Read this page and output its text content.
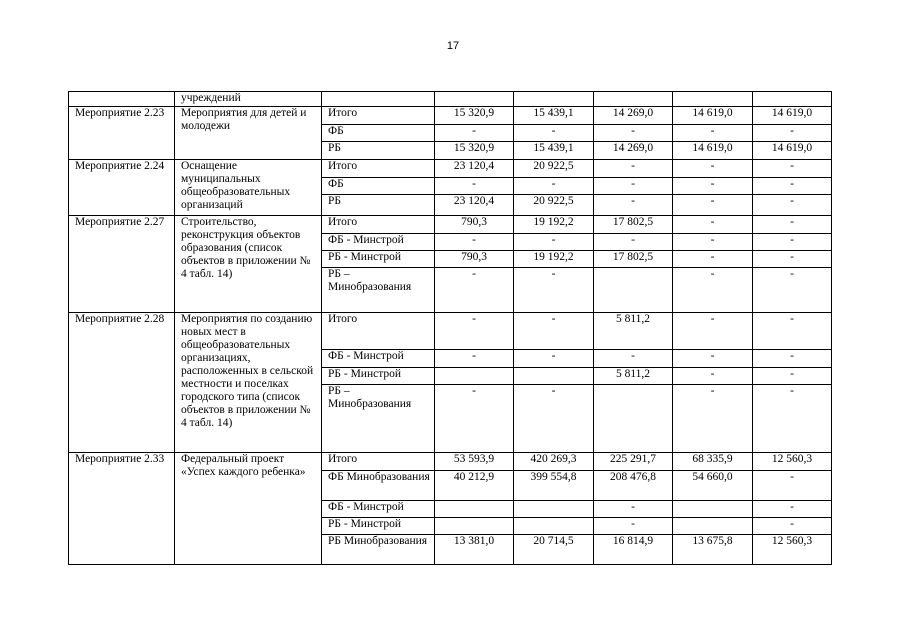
17
	учреждений						
Мероприятие 2.23	Мероприятия для детей и молодежи	Итого	15 320,9	15 439,1	14 269,0	14 619,0	14 619,0
		ФБ	-	-	-	-	-
		РБ	15 320,9	15 439,1	14 269,0	14 619,0	14 619,0
Мероприятие 2.24	Оснащение муниципальных общеобразовательных организаций	Итого	23 120,4	20 922,5	-	-	-
		ФБ	-	-	-	-	-
		РБ	23 120,4	20 922,5	-	-	-
Мероприятие 2.27	Строительство, реконструкция объектов образования (список объектов в приложении № 4 табл. 14)	Итого	790,3	19 192,2	17 802,5	-	-
		ФБ - Минстрой	-	-	-	-	-
		РБ - Минстрой	790,3	19 192,2	17 802,5	-	-
		РБ – Минобразования	-	-		-	-
Мероприятие 2.28	Мероприятия по созданию новых мест в общеобразовательных организациях, расположенных в сельской местности и поселках городского типа (список объектов в приложении № 4 табл. 14)	Итого	-	-	5 811,2	-	-
		ФБ - Минстрой	-	-	-	-	-
		РБ - Минстрой			5 811,2	-	-
		РБ – Минобразования	-	-		-	-
Мероприятие 2.33	Федеральный проект «Успех каждого ребенка»	Итого	53 593,9	420 269,3	225 291,7	68 335,9	12 560,3
		ФБ Минобразования	40 212,9	399 554,8	208 476,8	54 660,0	-
		ФБ - Минстрой			-		-
		РБ - Минстрой			-		-
		РБ Минобразования	13 381,0	20 714,5	16 814,9	13 675,8	12 560,3
